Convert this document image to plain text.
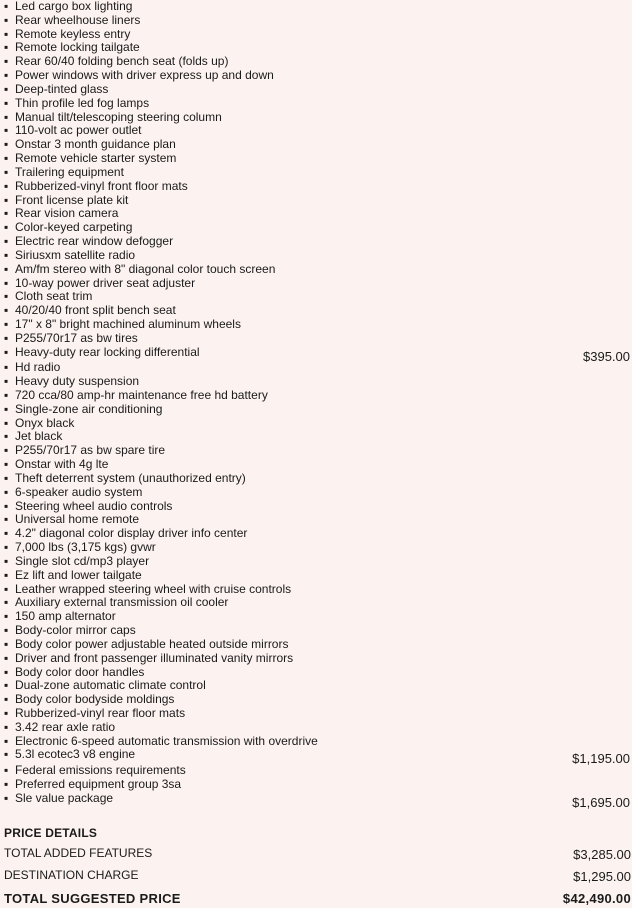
▪ Led cargo box lighting
▪ Rear wheelhouse liners
▪ Remote keyless entry
▪ Remote locking tailgate
▪ Rear 60/40 folding bench seat (folds up)
▪ Power windows with driver express up and down
▪ Deep-tinted glass
▪ Thin profile led fog lamps
▪ Manual tilt/telescoping steering column
▪ 110-volt ac power outlet
▪ Onstar 3 month guidance plan
▪ Remote vehicle starter system
▪ Trailering equipment
▪ Rubberized-vinyl front floor mats
▪ Front license plate kit
▪ Rear vision camera
▪ Color-keyed carpeting
▪ Electric rear window defogger
▪ Siriusxm satellite radio
▪ Am/fm stereo with 8" diagonal color touch screen
▪ 10-way power driver seat adjuster
▪ Cloth seat trim
▪ 40/20/40 front split bench seat
▪ 17" x 8" bright machined aluminum wheels
▪ P255/70r17 as bw tires
▪ Heavy-duty rear locking differential	$395.00
▪ Hd radio
▪ Heavy duty suspension
▪ 720 cca/80 amp-hr maintenance free hd battery
▪ Single-zone air conditioning
▪ Onyx black
▪ Jet black
▪ P255/70r17 as bw spare tire
▪ Onstar with 4g lte
▪ Theft deterrent system (unauthorized entry)
▪ 6-speaker audio system
▪ Steering wheel audio controls
▪ Universal home remote
▪ 4.2" diagonal color display driver info center
▪ 7,000 lbs (3,175 kgs) gvwr
▪ Single slot cd/mp3 player
▪ Ez lift and lower tailgate
▪ Leather wrapped steering wheel with cruise controls
▪ Auxiliary external transmission oil cooler
▪ 150 amp alternator
▪ Body-color mirror caps
▪ Body color power adjustable heated outside mirrors
▪ Driver and front passenger illuminated vanity mirrors
▪ Body color door handles
▪ Dual-zone automatic climate control
▪ Body color bodyside moldings
▪ Rubberized-vinyl rear floor mats
▪ 3.42 rear axle ratio
▪ Electronic 6-speed automatic transmission with overdrive
▪ 5.3l ecotec3 v8 engine	$1,195.00
▪ Federal emissions requirements
▪ Preferred equipment group 3sa
▪ Sle value package	$1,695.00
PRICE DETAILS
TOTAL ADDED FEATURES	$3,285.00
DESTINATION CHARGE	$1,295.00
TOTAL SUGGESTED PRICE	$42,490.00
